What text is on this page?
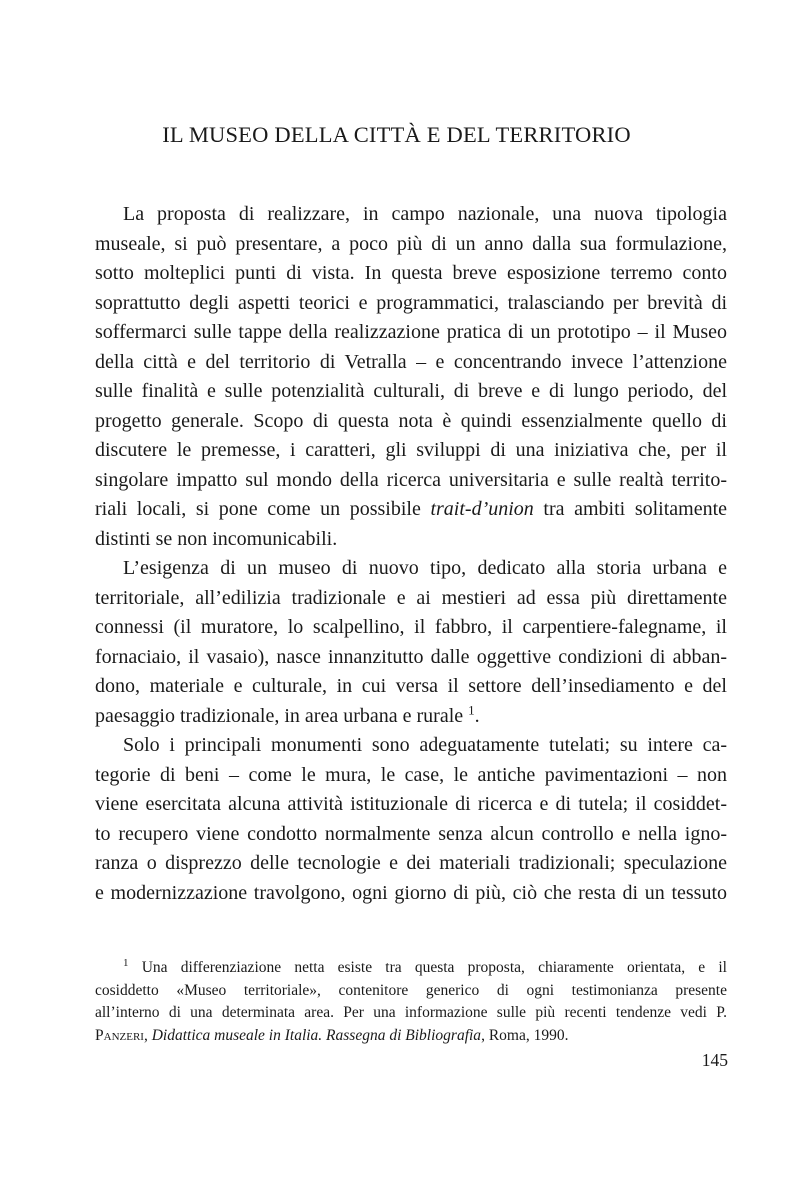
IL MUSEO DELLA CITTÀ E DEL TERRITORIO
La proposta di realizzare, in campo nazionale, una nuova tipologia
museale, si può presentare, a poco più di un anno dalla sua formulazione,
sotto molteplici punti di vista. In questa breve esposizione terremo conto
soprattutto degli aspetti teorici e programmatici, tralasciando per brevità di
soffermarci sulle tappe della realizzazione pratica di un prototipo – il Museo
della città e del territorio di Vetralla – e concentrando invece l’attenzione
sulle finalità e sulle potenzialità culturali, di breve e di lungo periodo, del
progetto generale. Scopo di questa nota è quindi essenzialmente quello di
discutere le premesse, i caratteri, gli sviluppi di una iniziativa che, per il
singolare impatto sul mondo della ricerca universitaria e sulle realtà territo-
riali locali, si pone come un possibile trait-d’union tra ambiti solitamente
distinti se non incomunicabili.
L’esigenza di un museo di nuovo tipo, dedicato alla storia urbana e
territoriale, all’edilizia tradizionale e ai mestieri ad essa più direttamente
connessi (il muratore, lo scalpellino, il fabbro, il carpentiere-falegname, il
fornaciaio, il vasaio), nasce innanzitutto dalle oggettive condizioni di abban-
dono, materiale e culturale, in cui versa il settore dell’insediamento e del
paesaggio tradizionale, in area urbana e rurale $^1$.
Solo i principali monumenti sono adeguatamente tutelati; su intere ca-
tegorie di beni – come le mura, le case, le antiche pavimentazioni – non
viene esercitata alcuna attività istituzionale di ricerca e di tutela; il cosiddet-
to recupero viene condotto normalmente senza alcun controllo e nella igno-
ranza o disprezzo delle tecnologie e dei materiali tradizionali; speculazione
e modernizzazione travolgono, ogni giorno di più, ciò che resta di un tessuto
$^1$ Una differenziazione netta esiste tra questa proposta, chiaramente orientata, e il
cosiddetto «Museo territoriale», contenitore generico di ogni testimonianza presente
all’interno di una determinata area. Per una informazione sulle più recenti tendenze vedi P.
Panzeri, Didattica museale in Italia. Rassegna di Bibliografia, Roma, 1990.
145
